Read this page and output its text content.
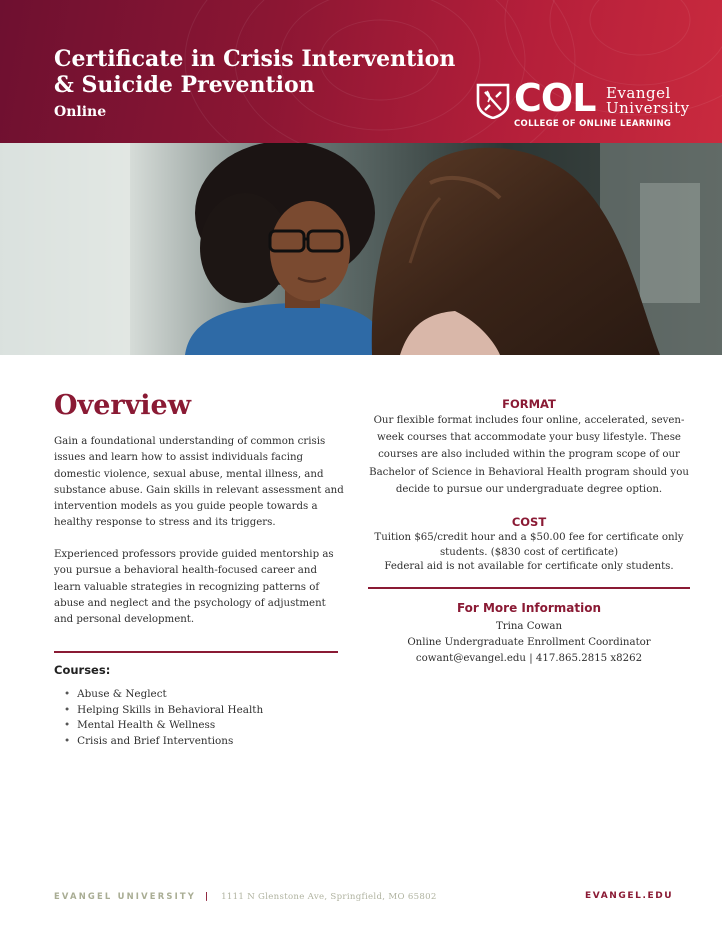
Certificate in Crisis Intervention
& Suicide Prevention
Online	COL Evangel
University
COLLEGE OF ONLINE LEARNING
Overview

Gain a foundational understanding of common crisis issues and learn how to assist individuals facing domestic violence, sexual abuse, mental illness, and substance abuse. Gain skills in relevant assessment and intervention models as you guide people towards a healthy response to stress and its triggers.

Experienced professors provide guided mentorship as you pursue a behavioral health-focused career and learn valuable strategies in recognizing patterns of abuse and neglect and the psychology of adjustment and personal development.

Courses:
• Abuse & Neglect
• Helping Skills in Behavioral Health
• Mental Health & Wellness
• Crisis and Brief Interventions
FORMAT

Our flexible format includes four online, accelerated, seven-week courses that accommodate your busy lifestyle. These courses are also included within the program scope of our Bachelor of Science in Behavioral Health program should you decide to pursue our undergraduate degree option.

COST

Tuition $65/credit hour and a $50.00 fee for certificate only
students. ($830 cost of certificate)
Federal aid is not available for certificate only students.

For More Information

Trina Cowan
Online Undergraduate Enrollment Coordinator
cowant@evangel.edu | 417.865.2815 x8262

EVANGEL UNIVERSITY | 1111 N Glenstone Ave, Springfield, MO 65802	EVANGEL.EDU
